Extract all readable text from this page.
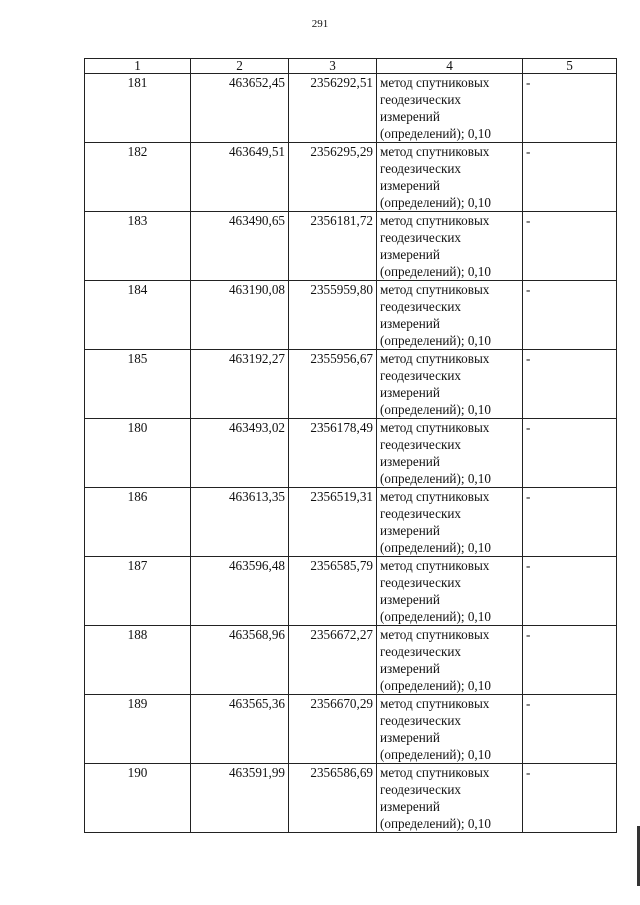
291
1	2	3	4	5
181	463652,45	2356292,51	метод спутниковых
геодезических
измерений
(определений); 0,10	-
182	463649,51	2356295,29	метод спутниковых
геодезических
измерений
(определений); 0,10	-
183	463490,65	2356181,72	метод спутниковых
геодезических
измерений
(определений); 0,10	-
184	463190,08	2355959,80	метод спутниковых
геодезических
измерений
(определений); 0,10	-
185	463192,27	2355956,67	метод спутниковых
геодезических
измерений
(определений); 0,10	-
180	463493,02	2356178,49	метод спутниковых
геодезических
измерений
(определений); 0,10	-
186	463613,35	2356519,31	метод спутниковых
геодезических
измерений
(определений); 0,10	-
187	463596,48	2356585,79	метод спутниковых
геодезических
измерений
(определений); 0,10	-
188	463568,96	2356672,27	метод спутниковых
геодезических
измерений
(определений); 0,10	-
189	463565,36	2356670,29	метод спутниковых
геодезических
измерений
(определений); 0,10	-
190	463591,99	2356586,69	метод спутниковых
геодезических
измерений
(определений); 0,10	-
